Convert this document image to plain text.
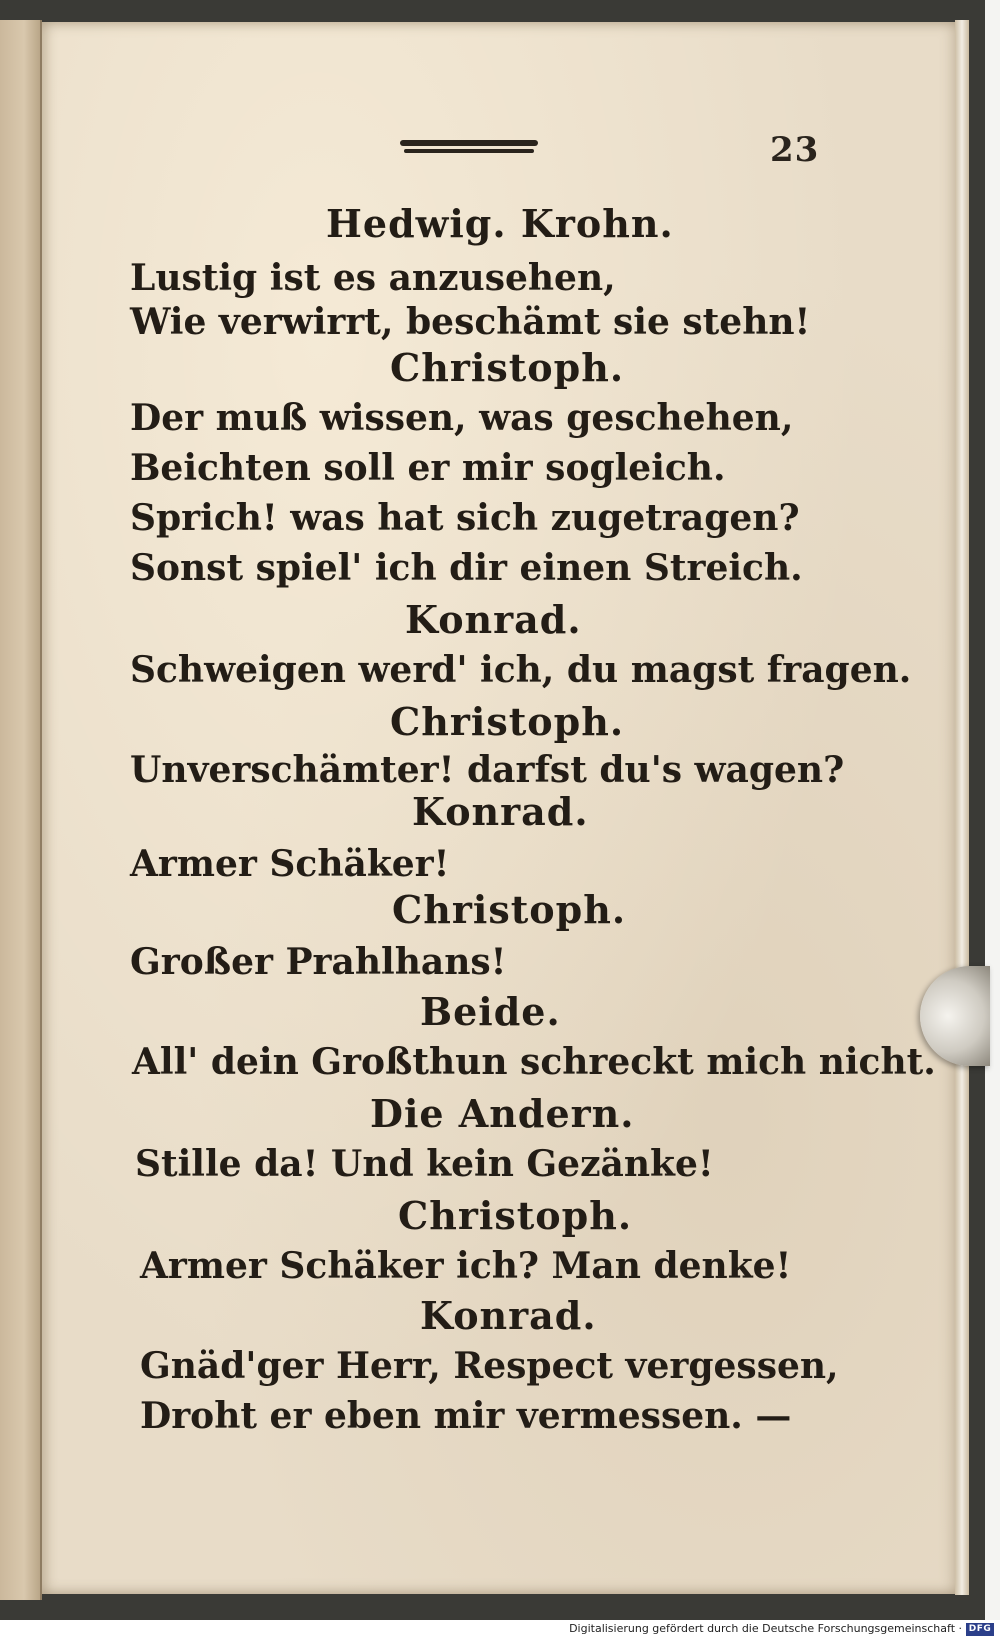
23
Hedwig. Krohn.
Lustig ist es anzusehen,
Wie verwirrt, beschämt sie stehn!
Christoph.
Der muß wissen, was geschehen,
Beichten soll er mir sogleich.
Sprich! was hat sich zugetragen?
Sonst spiel' ich dir einen Streich.
Konrad.
Schweigen werd' ich, du magst fragen.
Christoph.
Unverschämter! darfst du's wagen?
Konrad.
Armer Schäker!
Christoph.
Großer Prahlhans!
Beide.
All' dein Großthun schreckt mich nicht.
Die Andern.
Stille da! Und kein Gezänke!
Christoph.
Armer Schäker ich? Man denke!
Konrad.
Gnäd'ger Herr, Respect vergessen,
Droht er eben mir vermessen. —
Digitalisierung gefördert durch die Deutsche Forschungsgemeinschaft · DFG
